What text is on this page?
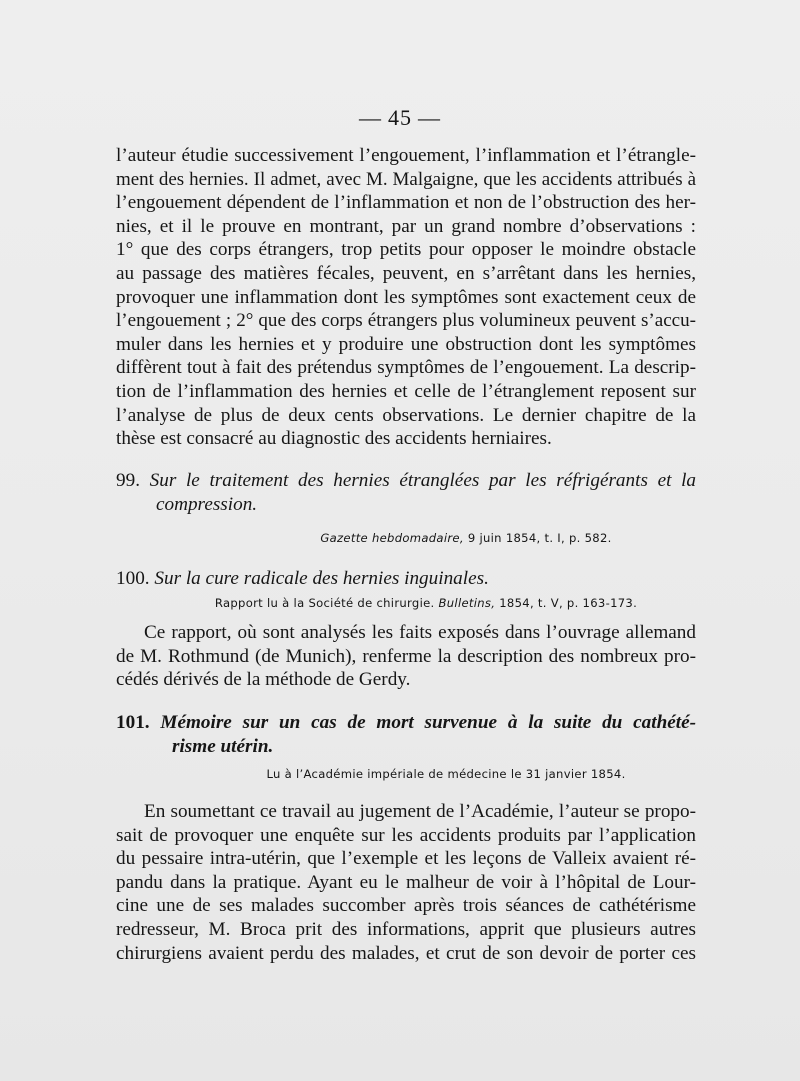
— 45 —
l’auteur étudie successivement l’engouement, l’inflammation et l’étrangle-
ment des hernies. Il admet, avec M. Malgaigne, que les accidents attribués à
l’engouement dépendent de l’inflammation et non de l’obstruction des her-
nies, et il le prouve en montrant, par un grand nombre d’observations :
1° que des corps étrangers, trop petits pour opposer le moindre obstacle
au passage des matières fécales, peuvent, en s’arrêtant dans les hernies,
provoquer une inflammation dont les symptômes sont exactement ceux de
l’engouement ; 2° que des corps étrangers plus volumineux peuvent s’accu-
muler dans les hernies et y produire une obstruction dont les symptômes
diffèrent tout à fait des prétendus symptômes de l’engouement. La descrip-
tion de l’inflammation des hernies et celle de l’étranglement reposent sur
l’analyse de plus de deux cents observations. Le dernier chapitre de la
thèse est consacré au diagnostic des accidents herniaires.
99. Sur le traitement des hernies étranglées par les réfrigérants et la
compression.
Gazette hebdomadaire, 9 juin 1854, t. I, p. 582.
100. Sur la cure radicale des hernies inguinales.
Rapport lu à la Société de chirurgie. Bulletins, 1854, t. V, p. 163-173.
Ce rapport, où sont analysés les faits exposés dans l’ouvrage allemand
de M. Rothmund (de Munich), renferme la description des nombreux pro-
cédés dérivés de la méthode de Gerdy.
101. Mémoire sur un cas de mort survenue à la suite du cathété-
risme utérin.
Lu à l’Académie impériale de médecine le 31 janvier 1854.
En soumettant ce travail au jugement de l’Académie, l’auteur se propo-
sait de provoquer une enquête sur les accidents produits par l’application
du pessaire intra-utérin, que l’exemple et les leçons de Valleix avaient ré-
pandu dans la pratique. Ayant eu le malheur de voir à l’hôpital de Lour-
cine une de ses malades succomber après trois séances de cathétérisme
redresseur, M. Broca prit des informations, apprit que plusieurs autres
chirurgiens avaient perdu des malades, et crut de son devoir de porter ces
